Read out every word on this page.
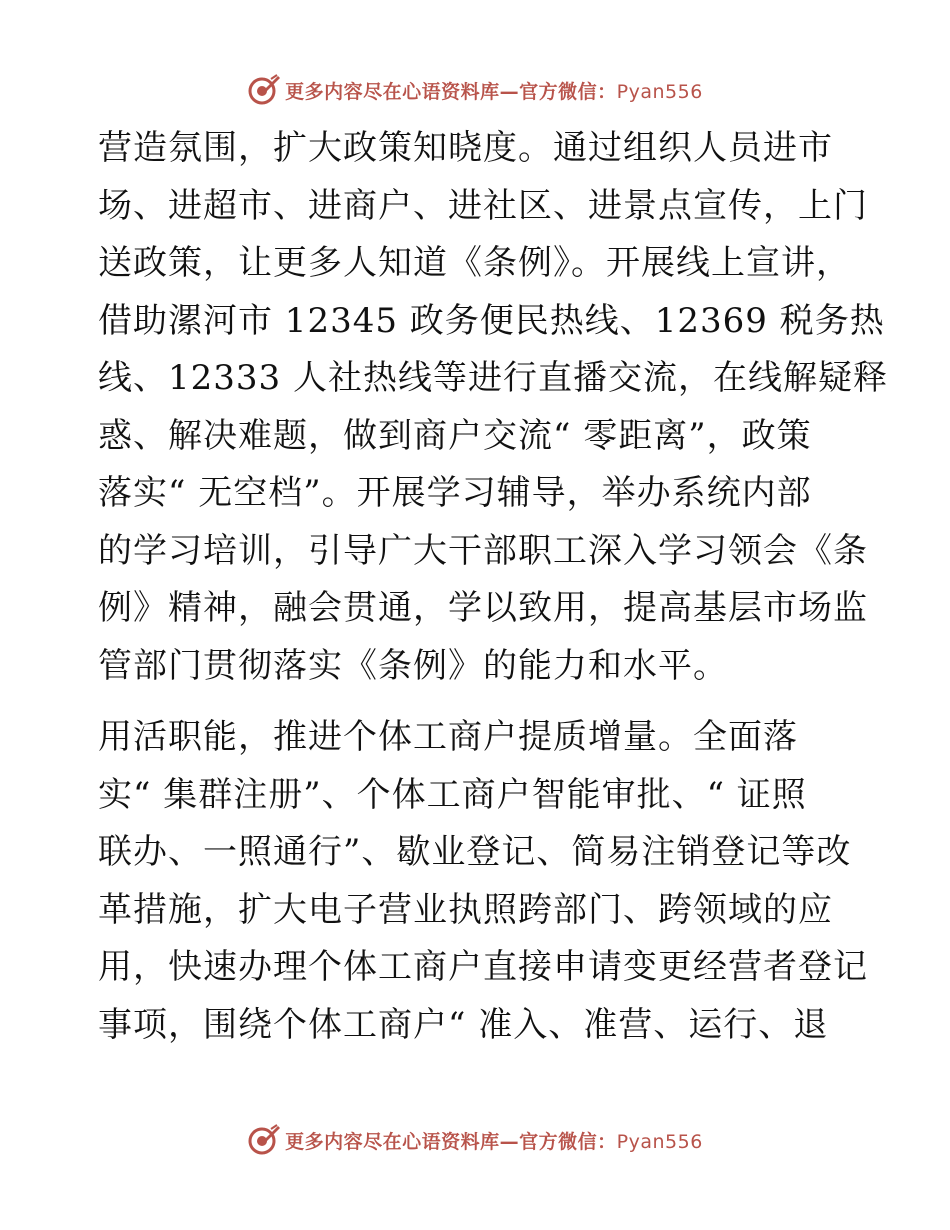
更多内容尽在心语资料库—官方微信：Pyan556

营造氛围，扩大政策知晓度。通过组织人员进市
场、进超市、进商户、进社区、进景点宣传，上门
送政策，让更多人知道《条例》。开展线上宣讲，
借助漯河市 12345 政务便民热线、12369 税务热
线、12333 人社热线等进行直播交流，在线解疑释
惑、解决难题，做到商户交流“ 零距离”，政策
落实“ 无空档”。开展学习辅导，举办系统内部
的学习培训，引导广大干部职工深入学习领会《条
例》精神，融会贯通，学以致用，提高基层市场监
管部门贯彻落实《条例》的能力和水平。

用活职能，推进个体工商户提质增量。全面落
实“ 集群注册”、个体工商户智能审批、“ 证照
联办、一照通行”、歇业登记、简易注销登记等改
革措施，扩大电子营业执照跨部门、跨领域的应
用，快速办理个体工商户直接申请变更经营者登记
事项，围绕个体工商户“ 准入、准营、运行、退

更多内容尽在心语资料库—官方微信：Pyan556
